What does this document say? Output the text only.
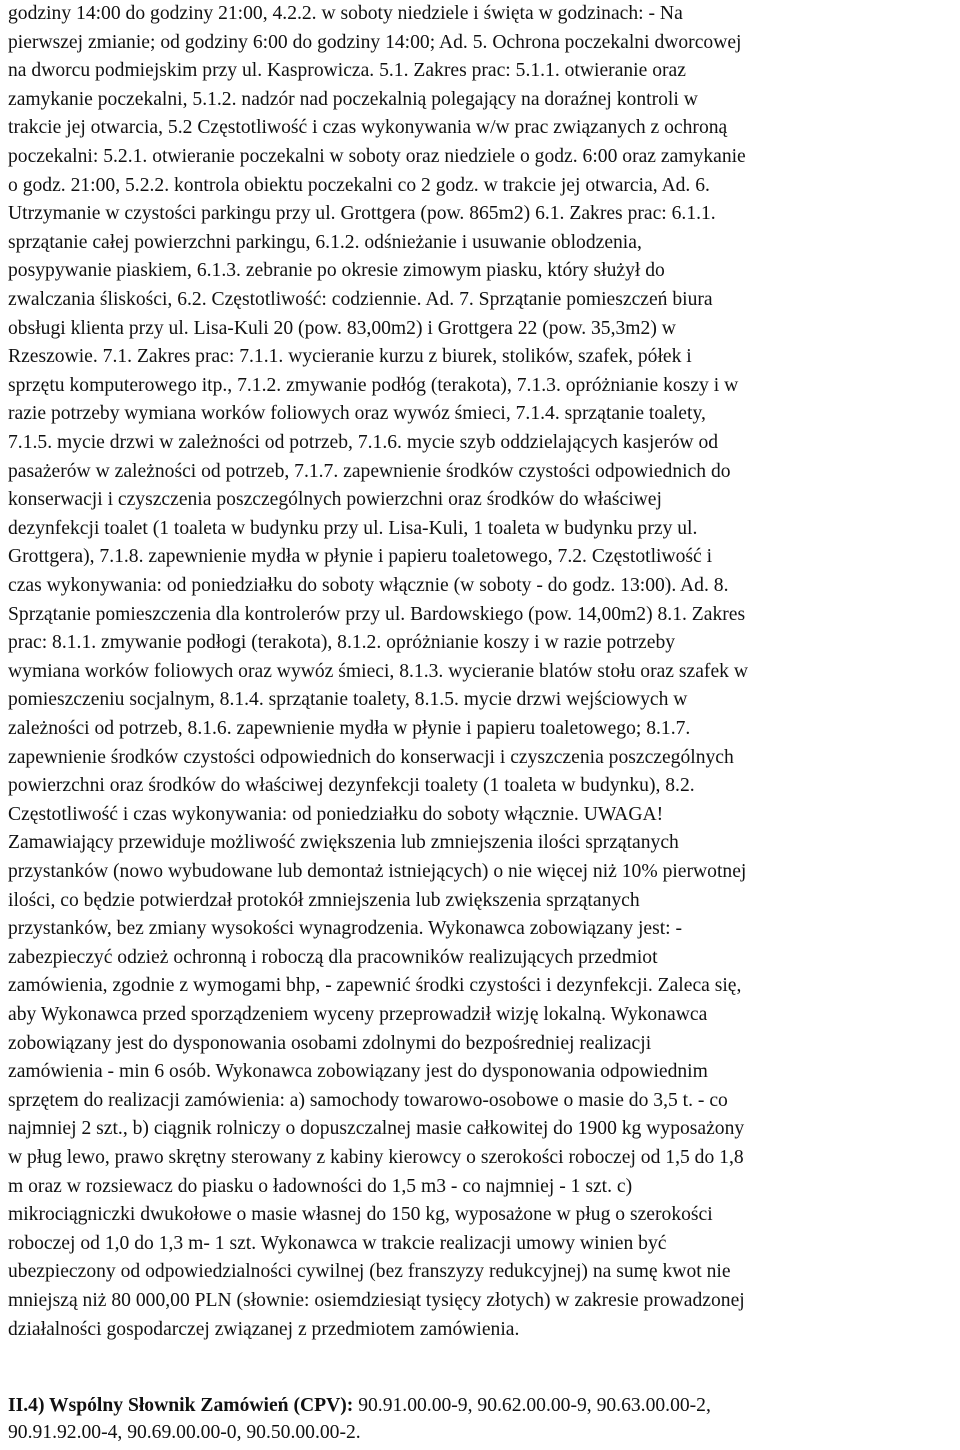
godziny 14:00 do godziny 21:00, 4.2.2. w soboty niedziele i święta w godzinach: - Na
pierwszej zmianie; od godziny 6:00 do godziny 14:00; Ad. 5. Ochrona poczekalni dworcowej
na dworcu podmiejskim przy ul. Kasprowicza. 5.1. Zakres prac: 5.1.1. otwieranie oraz
zamykanie poczekalni, 5.1.2. nadzór nad poczekalnią polegający na doraźnej kontroli w
trakcie jej otwarcia, 5.2 Częstotliwość i czas wykonywania w/w prac związanych z ochroną
poczekalni: 5.2.1. otwieranie poczekalni w soboty oraz niedziele o godz. 6:00 oraz zamykanie
o godz. 21:00, 5.2.2. kontrola obiektu poczekalni co 2 godz. w trakcie jej otwarcia, Ad. 6.
Utrzymanie w czystości parkingu przy ul. Grottgera (pow. 865m2) 6.1. Zakres prac: 6.1.1.
sprzątanie całej powierzchni parkingu, 6.1.2. odśnieżanie i usuwanie oblodzenia,
posypywanie piaskiem, 6.1.3. zebranie po okresie zimowym piasku, który służył do
zwalczania śliskości, 6.2. Częstotliwość: codziennie. Ad. 7. Sprzątanie pomieszczeń biura
obsługi klienta przy ul. Lisa-Kuli 20 (pow. 83,00m2) i Grottgera 22 (pow. 35,3m2) w
Rzeszowie. 7.1. Zakres prac: 7.1.1. wycieranie kurzu z biurek, stolików, szafek, półek i
sprzętu komputerowego itp., 7.1.2. zmywanie podłóg (terakota), 7.1.3. opróżnianie koszy i w
razie potrzeby wymiana worków foliowych oraz wywóz śmieci, 7.1.4. sprzątanie toalety,
7.1.5. mycie drzwi w zależności od potrzeb, 7.1.6. mycie szyb oddzielających kasjerów od
pasażerów w zależności od potrzeb, 7.1.7. zapewnienie środków czystości odpowiednich do
konserwacji i czyszczenia poszczególnych powierzchni oraz środków do właściwej
dezynfekcji toalet (1 toaleta w budynku przy ul. Lisa-Kuli, 1 toaleta w budynku przy ul.
Grottgera), 7.1.8. zapewnienie mydła w płynie i papieru toaletowego, 7.2. Częstotliwość i
czas wykonywania: od poniedziałku do soboty włącznie (w soboty - do godz. 13:00). Ad. 8.
Sprzątanie pomieszczenia dla kontrolerów przy ul. Bardowskiego (pow. 14,00m2) 8.1. Zakres
prac: 8.1.1. zmywanie podłogi (terakota), 8.1.2. opróżnianie koszy i w razie potrzeby
wymiana worków foliowych oraz wywóz śmieci, 8.1.3. wycieranie blatów stołu oraz szafek w
pomieszczeniu socjalnym, 8.1.4. sprzątanie toalety, 8.1.5. mycie drzwi wejściowych w
zależności od potrzeb, 8.1.6. zapewnienie mydła w płynie i papieru toaletowego; 8.1.7.
zapewnienie środków czystości odpowiednich do konserwacji i czyszczenia poszczególnych
powierzchni oraz środków do właściwej dezynfekcji toalety (1 toaleta w budynku), 8.2.
Częstotliwość i czas wykonywania: od poniedziałku do soboty włącznie. UWAGA!
Zamawiający przewiduje możliwość zwiększenia lub zmniejszenia ilości sprzątanych
przystanków (nowo wybudowane lub demontaż istniejących) o nie więcej niż 10% pierwotnej
ilości, co będzie potwierdzał protokół zmniejszenia lub zwiększenia sprzątanych
przystanków, bez zmiany wysokości wynagrodzenia. Wykonawca zobowiązany jest: -
zabezpieczyć odzież ochronną i roboczą dla pracowników realizujących przedmiot
zamówienia, zgodnie z wymogami bhp, - zapewnić środki czystości i dezynfekcji. Zaleca się,
aby Wykonawca przed sporządzeniem wyceny przeprowadził wizję lokalną. Wykonawca
zobowiązany jest do dysponowania osobami zdolnymi do bezpośredniej realizacji
zamówienia - min 6 osób. Wykonawca zobowiązany jest do dysponowania odpowiednim
sprzętem do realizacji zamówienia: a) samochody towarowo-osobowe o masie do 3,5 t. - co
najmniej 2 szt., b) ciągnik rolniczy o dopuszczalnej masie całkowitej do 1900 kg wyposażony
w pług lewo, prawo skrętny sterowany z kabiny kierowcy o szerokości roboczej od 1,5 do 1,8
m oraz w rozsiewacz do piasku o ładowności do 1,5 m3 - co najmniej - 1 szt. c)
mikrociągniczki dwukołowe o masie własnej do 150 kg, wyposażone w pług o szerokości
roboczej od 1,0 do 1,3 m- 1 szt. Wykonawca w trakcie realizacji umowy winien być
ubezpieczony od odpowiedzialności cywilnej (bez franszyzy redukcyjnej) na sumę kwot nie
mniejszą niż 80 000,00 PLN (słownie: osiemdziesiąt tysięcy złotych) w zakresie prowadzonej
działalności gospodarczej związanej z przedmiotem zamówienia.
II.4) Wspólny Słownik Zamówień (CPV): 90.91.00.00-9, 90.62.00.00-9, 90.63.00.00-2,
90.91.92.00-4, 90.69.00.00-0, 90.50.00.00-2.
